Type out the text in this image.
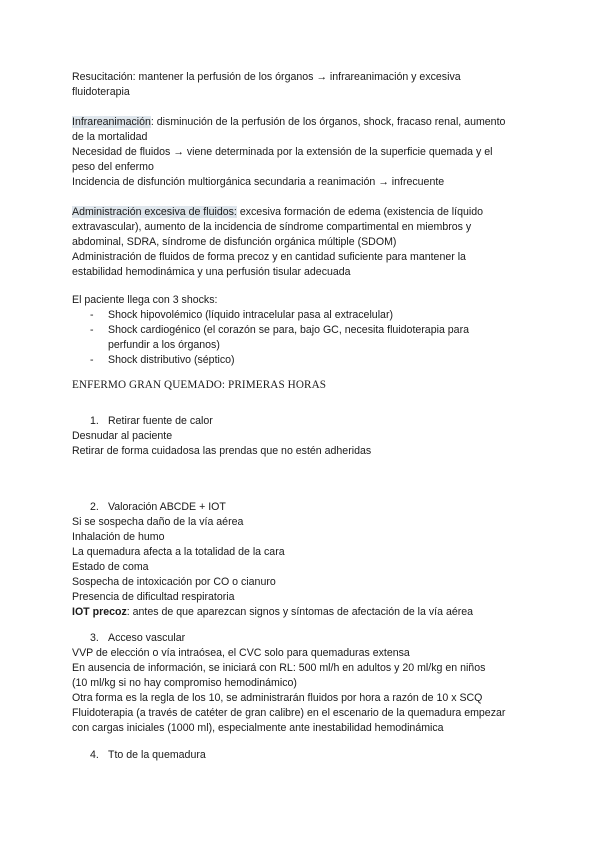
Resucitación: mantener la perfusión de los órganos → infrareanimación y excesiva
fluidoterapia
Infrareanimación: disminución de la perfusión de los órganos, shock, fracaso renal, aumento
de la mortalidad
Necesidad de fluidos → viene determinada por la extensión de la superficie quemada y el
peso del enfermo
Incidencia de disfunción multiorgánica secundaria a reanimación → infrecuente
Administración excesiva de fluidos: excesiva formación de edema (existencia de líquido
extravascular), aumento de la incidencia de síndrome compartimental en miembros y
abdominal, SDRA, síndrome de disfunción orgánica múltiple (SDOM)
Administración de fluidos de forma precoz y en cantidad suficiente para mantener la
estabilidad hemodinámica y una perfusión tisular adecuada
El paciente llega con 3 shocks:
- Shock hipovolémico (líquido intracelular pasa al extracelular)
- Shock cardiogénico (el corazón se para, bajo GC, necesita fluidoterapia para
perfundir a los órganos)
- Shock distributivo (séptico)
ENFERMO GRAN QUEMADO: PRIMERAS HORAS
1. Retirar fuente de calor
Desnudar al paciente
Retirar de forma cuidadosa las prendas que no estén adheridas
2. Valoración ABCDE + IOT
Si se sospecha daño de la vía aérea
Inhalación de humo
La quemadura afecta a la totalidad de la cara
Estado de coma
Sospecha de intoxicación por CO o cianuro
Presencia de dificultad respiratoria
IOT precoz: antes de que aparezcan signos y síntomas de afectación de la vía aérea
3. Acceso vascular
VVP de elección o vía intraósea, el CVC solo para quemaduras extensa
En ausencia de información, se iniciará con RL: 500 ml/h en adultos y 20 ml/kg en niños
(10 ml/kg si no hay compromiso hemodinámico)
Otra forma es la regla de los 10, se administrarán fluidos por hora a razón de 10 x SCQ
Fluidoterapia (a través de catéter de gran calibre) en el escenario de la quemadura empezar
con cargas iniciales (1000 ml), especialmente ante inestabilidad hemodinámica
4. Tto de la quemadura
